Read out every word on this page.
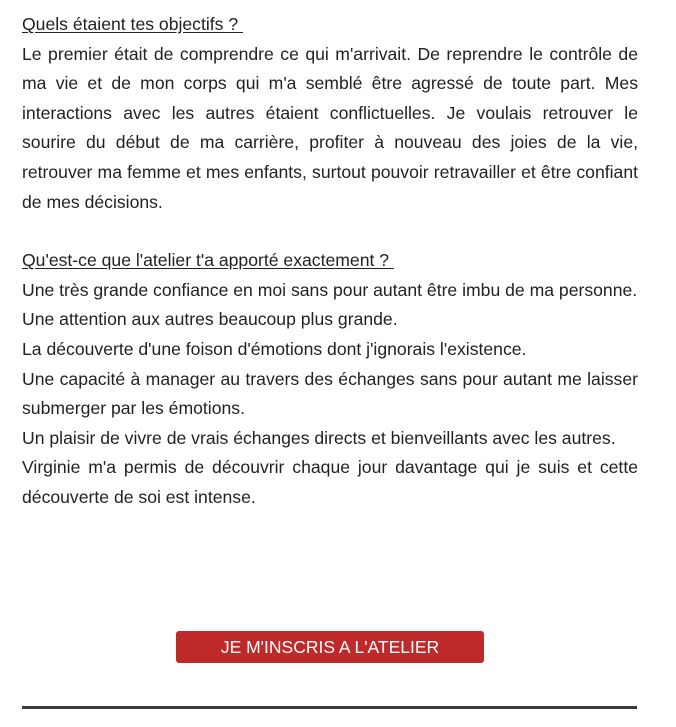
Quels étaient tes objectifs ?

Le premier était de comprendre ce qui m'arrivait. De reprendre le contrôle de ma vie et de mon corps qui m'a semblé être agressé de toute part. Mes interactions avec les autres étaient conflictuelles. Je voulais retrouver le sourire du début de ma carrière, profiter à nouveau des joies de la vie, retrouver ma femme et mes enfants, surtout pouvoir retravailler et être confiant de mes décisions.

Qu'est-ce que l'atelier t'a apporté exactement ?

Une très grande confiance en moi sans pour autant être imbu de ma personne.

Une attention aux autres beaucoup plus grande.

La découverte d'une foison d'émotions dont j'ignorais l'existence.

Une capacité à manager au travers des échanges sans pour autant me laisser submerger par les émotions.

Un plaisir de vivre de vrais échanges directs et bienveillants avec les autres.

Virginie m'a permis de découvrir chaque jour davantage qui je suis et cette découverte de soi est intense.

JE M'INSCRIS A L'ATELIER
